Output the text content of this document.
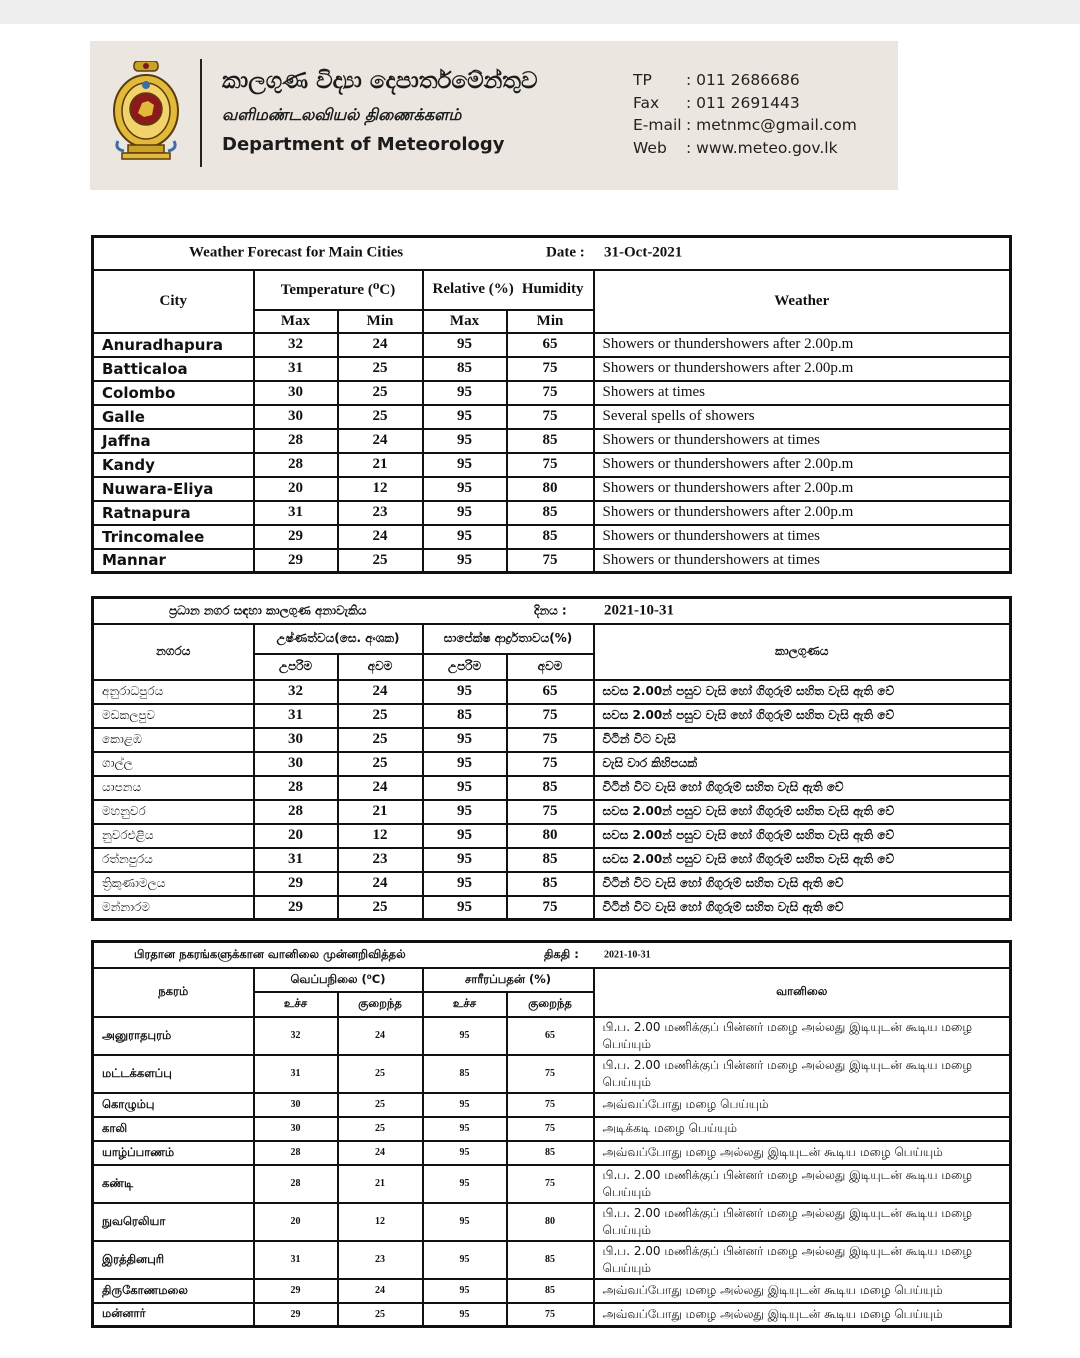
කාලගුණ විද්‍යා දෙපාර්තමේන්තුව
வளிமண்டலவியல் திணைக்களம்
Department of Meteorology
TP	: 011 2686686
Fax	: 011 2691443
E-mail : metnmc@gmail.com
Web	: www.meteo.gov.lk
Weather Forecast for Main Cities Date : 31-Oct-2021					

City	Temperature (⁰C)		Relative (%) Humidity		Weather
	Max	Min	Max	Min	
Anuradhapura	32	24	95	65	Showers or thundershowers after 2.00p.m
Batticaloa	31	25	85	75	Showers or thundershowers after 2.00p.m
Colombo	30	25	95	75	Showers at times
Galle	30	25	95	75	Several spells of showers
Jaffna	28	24	95	85	Showers or thundershowers at times
Kandy	28	21	95	75	Showers or thundershowers after 2.00p.m
Nuwara-Eliya	20	12	95	80	Showers or thundershowers after 2.00p.m
Ratnapura	31	23	95	85	Showers or thundershowers after 2.00p.m
Trincomalee	29	24	95	85	Showers or thundershowers at times
Mannar	29	25	95	75	Showers or thundershowers at times
ප්‍රධාන නගර සඳහා කාලගුණ අනාවැකිය දිනය : 2021-10-31					

නගරය	උෂ්ණත්වය(සෙ. අංශක)		සාපේක්ෂ ආර්ද්‍රතාවය(%)		කාලගුණය
	උපරිම	අවම	උපරිම	අවම	
අනුරාධපුරය	32	24	95	65	සවස 2.00න් පසුව වැසි හෝ ගිගුරුම් සහිත වැසි ඇති වේ
මඩකලපුව	31	25	85	75	සවස 2.00න් පසුව වැසි හෝ ගිගුරුම් සහිත වැසි ඇති වේ
කොළඹ	30	25	95	75	විටින් විට වැසි
ගාල්ල	30	25	95	75	වැසි වාර කිහිපයක්
යාපනය	28	24	95	85	විටින් විට වැසි හෝ ගිගුරුම් සහිත වැසි ඇති වේ
මහනුවර	28	21	95	75	සවස 2.00න් පසුව වැසි හෝ ගිගුරුම් සහිත වැසි ඇති වේ
නුවරඑළිය	20	12	95	80	සවස 2.00න් පසුව වැසි හෝ ගිගුරුම් සහිත වැසි ඇති වේ
රත්නපුරය	31	23	95	85	සවස 2.00න් පසුව වැසි හෝ ගිගුරුම් සහිත වැසි ඇති වේ
ත්‍රිකුණාමලය	29	24	95	85	විටින් විට වැසි හෝ ගිගුරුම් සහිත වැසි ඇති වේ
මන්නාරම	29	25	95	75	විටින් විට වැසි හෝ ගිගුරුම් සහිත වැසි ඇති වේ
பிரதான நகரங்களுக்கான வானிலை முன்னறிவித்தல் திகதி : 2021-10-31					

நகரம்	வெப்பநிலை (⁰C)		சாரீரப்பதன் (%)		வானிலை
	உச்ச	குறைந்த	உச்ச	குறைந்த	
அனுராதபுரம்	32	24	95	65	பி.ப. 2.00 மணிக்குப் பின்னர் மழை அல்லது இடியுடன் கூடிய மழை பெய்யும்
மட்டக்களப்பு	31	25	85	75	பி.ப. 2.00 மணிக்குப் பின்னர் மழை அல்லது இடியுடன் கூடிய மழை பெய்யும்
கொழும்பு	30	25	95	75	அவ்வப்போது மழை பெய்யும்
காலி	30	25	95	75	அடிக்கடி மழை பெய்யும்
யாழ்ப்பாணம்	28	24	95	85	அவ்வப்போது மழை அல்லது இடியுடன் கூடிய மழை பெய்யும்
கண்டி	28	21	95	75	பி.ப. 2.00 மணிக்குப் பின்னர் மழை அல்லது இடியுடன் கூடிய மழை பெய்யும்
நுவரெலியா	20	12	95	80	பி.ப. 2.00 மணிக்குப் பின்னர் மழை அல்லது இடியுடன் கூடிய மழை பெய்யும்
இரத்தினபுரி	31	23	95	85	பி.ப. 2.00 மணிக்குப் பின்னர் மழை அல்லது இடியுடன் கூடிய மழை பெய்யும்
திருகோணமலை	29	24	95	85	அவ்வப்போது மழை அல்லது இடியுடன் கூடிய மழை பெய்யும்
மன்னார்	29	25	95	75	அவ்வப்போது மழை அல்லது இடியுடன் கூடிய மழை பெய்யும்
